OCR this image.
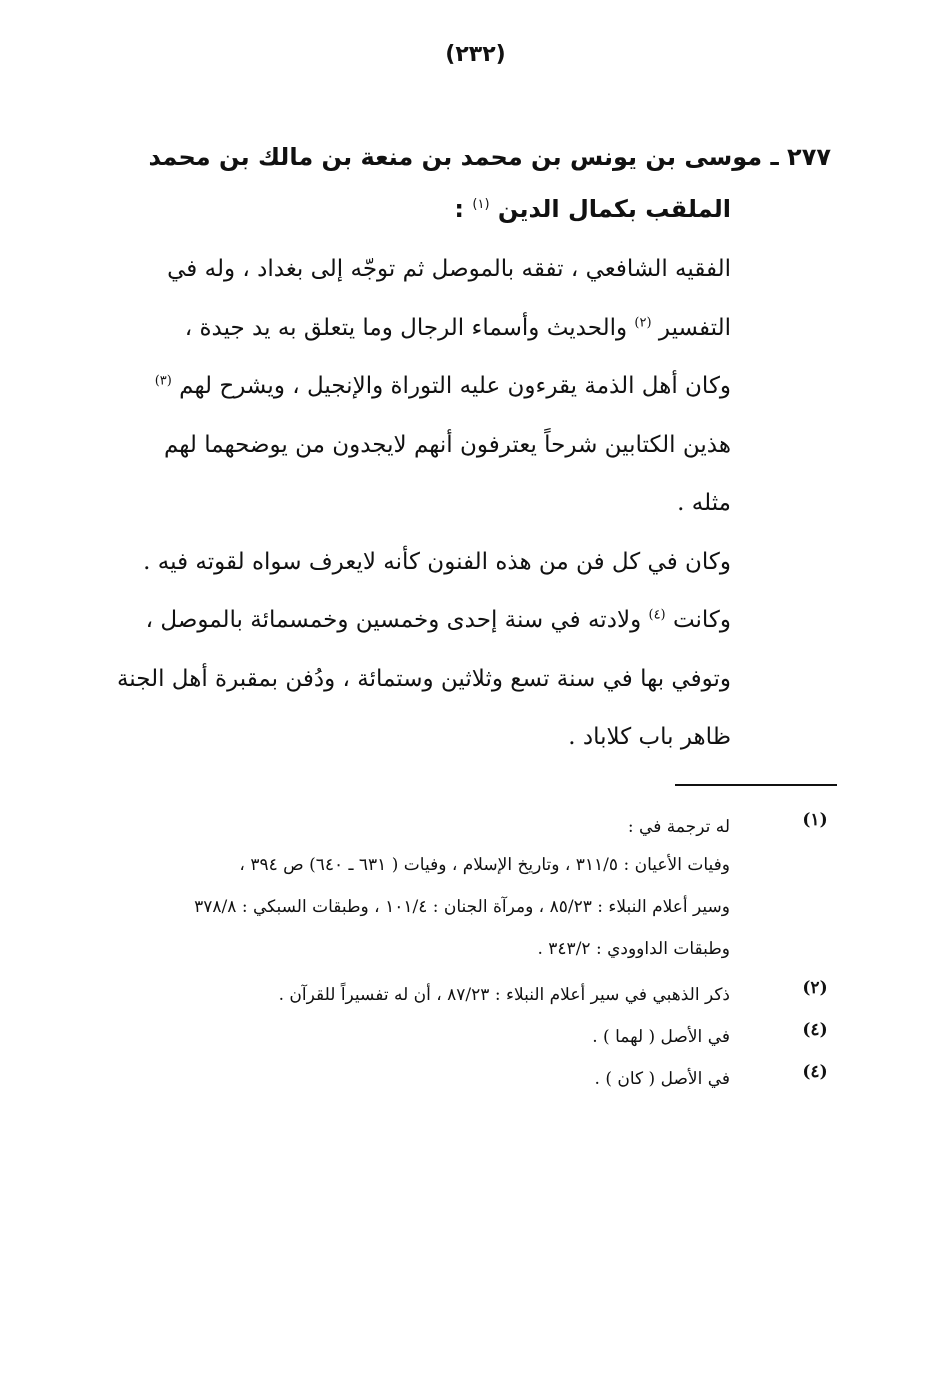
(٢٣٢)
٢٧٧ ـ موسى بن يونس بن محمد بن منعة بن مالك بن محمد
الملقب بكمال الدين $^{(١)}$ :
الفقيه الشافعي ، تفقه بالموصل ثم توجّه إلى بغداد ، وله في
التفسير $^{(٢)}$ والحديث وأسماء الرجال وما يتعلق به يد جيدة ،
وكان أهل الذمة يقرءون عليه التوراة والإنجيل ، ويشرح لهم $^{(٣)}$
هذين الكتابين شرحاً يعترفون أنهم لايجدون من يوضحهما لهم
مثله .
وكان في كل فن من هذه الفنون كأنه لايعرف سواه لقوته فيه .
وكانت $^{(٤)}$ ولادته في سنة إحدى وخمسين وخمسمائة بالموصل ،
وتوفي بها في سنة تسع وثلاثين وستمائة ، ودُفن بمقبرة أهل الجنة
ظاهر باب كلاباد .
(١)
له ترجمة في :
وفيات الأعيان : ٣١١/٥ ، وتاريخ الإسلام ، وفيات ( ٦٣١ ـ ٦٤٠) ص ٣٩٤ ،
وسير أعلام النبلاء : ٨٥/٢٣ ، ومرآة الجنان : ١٠١/٤ ، وطبقات السبكي : ٣٧٨/٨
وطبقات الداوودي : ٣٤٣/٢ .
(٢)
ذكر الذهبي في سير أعلام النبلاء : ٨٧/٢٣ ، أن له تفسيراً للقرآن .
(٤)
في الأصل ( لهما ) .
(٤)
في الأصل ( كان ) .
